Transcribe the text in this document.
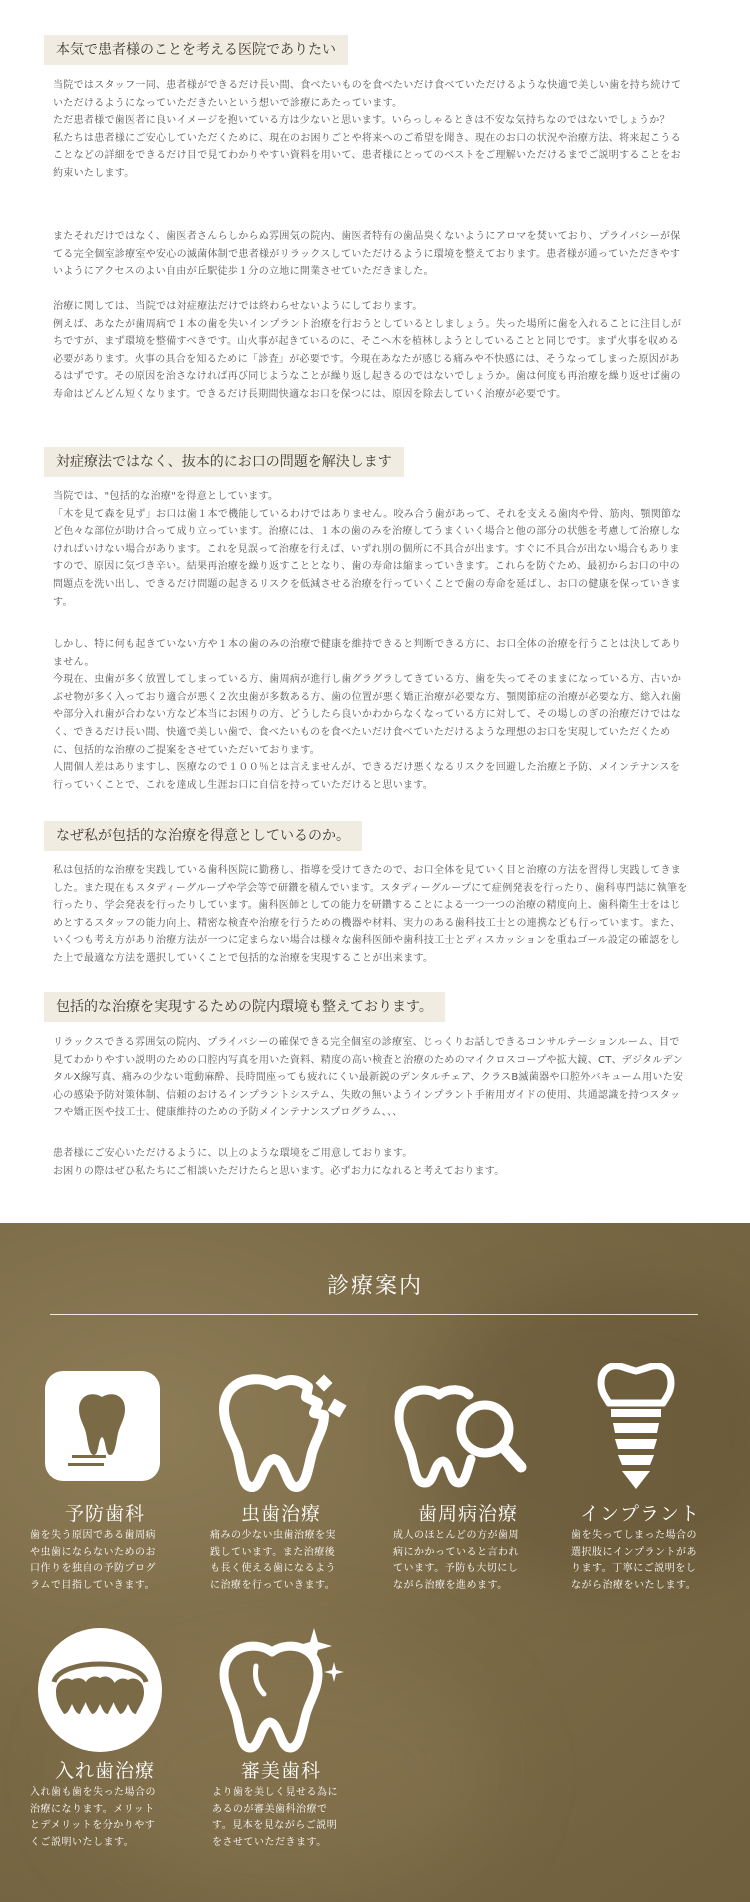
本気で患者様のことを考える医院でありたい
当院ではスタッフ一同、患者様ができるだけ長い間、食べたいものを食べたいだけ食べていただけるような快適で美しい歯を持ち続けていただけるようになっていただきたいという想いで診療にあたっています。
ただ患者様で歯医者に良いイメージを抱いている方は少ないと思います。いらっしゃるときは不安な気持ちなのではないでしょうか？
私たちは患者様にご安心していただくために、現在のお困りごとや将来へのご希望を聞き、現在のお口の状況や治療方法、将来起こうることなどの詳細をできるだけ目で見てわかりやすい資料を用いて、患者様にとってのベストをご理解いただけるまでご説明することをお約束いたします。
またそれだけではなく、歯医者さんらしからぬ雰囲気の院内、歯医者特有の歯品臭くないようにアロマを焚いており、プライバシーが保てる完全個室診療室や安心の滅菌体制で患者様がリラックスしていただけるように環境を整えております。患者様が通っていただきやすいようにアクセスのよい自由が丘駅徒歩１分の立地に開業させていただきました。
治療に関しては、当院では対症療法だけでは終わらせないようにしております。
例えば、あなたが歯周病で１本の歯を失いインプラント治療を行おうとしているとしましょう。失った場所に歯を入れることに注目しがちですが、まず環境を整備すべきです。山火事が起きているのに、そこへ木を植林しようとしていることと同じです。まず火事を収める必要があります。火事の具合を知るために「診査」が必要です。今現在あなたが感じる痛みや不快感には、そうなってしまった原因があるはずです。その原因を治さなければ再び同じようなことが繰り返し起きるのではないでしょうか。歯は何度も再治療を繰り返せば歯の寿命はどんどん短くなります。できるだけ長期間快適なお口を保つには、原因を除去していく治療が必要です。
対症療法ではなく、抜本的にお口の問題を解決します
当院では、"包括的な治療"を得意としています。
「木を見て森を見ず」お口は歯１本で機能しているわけではありません。咬み合う歯があって、それを支える歯肉や骨、筋肉、顎関節など色々な部位が助け合って成り立っています。治療には、１本の歯のみを治療してうまくいく場合と他の部分の状態を考慮して治療しなければいけない場合があります。これを見誤って治療を行えば、いずれ別の個所に不具合が出ます。すぐに不具合が出ない場合もありますので、原因に気づき辛い。結果再治療を繰り返すこととなり、歯の寿命は縮まっていきます。これらを防ぐため、最初からお口の中の問題点を洗い出し、できるだけ問題の起きるリスクを低減させる治療を行っていくことで歯の寿命を延ばし、お口の健康を保っていきます。
しかし、特に何も起きていない方や１本の歯のみの治療で健康を維持できると判断できる方に、お口全体の治療を行うことは決してありません。
今現在、虫歯が多く放置してしまっている方、歯周病が進行し歯グラグラしてきている方、歯を失ってそのままになっている方、古いかぶせ物が多く入っており適合が悪く２次虫歯が多数ある方、歯の位置が悪く矯正治療が必要な方、顎関節症の治療が必要な方、総入れ歯や部分入れ歯が合わない方など本当にお困りの方、どうしたら良いかわからなくなっている方に対して、その場しのぎの治療だけではなく、できるだけ長い間、快適で美しい歯で、食べたいものを食べたいだけ食べていただけるような理想のお口を実現していただくために、包括的な治療のご提案をさせていただいております。
人間個人差はありますし、医療なので１００％とは言えませんが、できるだけ悪くなるリスクを回避した治療と予防、メインテナンスを行っていくことで、これを達成し生涯お口に自信を持っていただけると思います。
なぜ私が包括的な治療を得意としているのか。
私は包括的な治療を実践している歯科医院に勤務し、指導を受けてきたので、お口全体を見ていく目と治療の方法を習得し実践してきました。また現在もスタディーグループや学会等で研鑽を積んでいます。スタディーグループにて症例発表を行ったり、歯科専門誌に執筆を行ったり、学会発表を行ったりしています。歯科医師としての能力を研鑽することによる一つ一つの治療の精度向上、歯科衛生士をはじめとするスタッフの能力向上、精密な検査や治療を行うための機器や材料、実力のある歯科技工士との連携なども行っています。また、いくつも考え方があり治療方法が一つに定まらない場合は様々な歯科医師や歯科技工士とディスカッションを重ねゴール設定の確認をした上で最適な方法を選択していくことで包括的な治療を実現することが出来ます。
包括的な治療を実現するための院内環境も整えております。
リラックスできる雰囲気の院内、プライバシーの確保できる完全個室の診療室、じっくりお話しできるコンサルテーションルーム、目で見てわかりやすい説明のための口腔内写真を用いた資料、精度の高い検査と治療のためのマイクロスコープや拡大鏡、CT、デジタルデンタルX線写真、痛みの少ない電動麻酔、長時間座っても疲れにくい最新鋭のデンタルチェア、クラスB滅菌器や口腔外バキューム用いた安心の感染予防対策体制、信頼のおけるインプラントシステム、失敗の無いようインプラント手術用ガイドの使用、共通認識を持つスタッフや矯正医や技工士、健康維持のための予防メインテナンスプログラム、、、
患者様にご安心いただけるように、以上のような環境をご用意しております。
お困りの際はぜひ私たちにご相談いただけたらと思います。必ずお力になれると考えております。
診療案内
予防歯科
歯を失う原因である歯周病や虫歯にならないためのお口作りを独自の予防プログラムで目指していきます。
虫歯治療
痛みの少ない虫歯治療を実践しています。また治療後も長く使える歯になるように治療を行っていきます。
歯周病治療
成人のほとんどの方が歯周病にかかっていると言われています。予防も大切にしながら治療を進めます。
インプラント
歯を失ってしまった場合の選択肢にインプラントがあります。丁寧にご説明をしながら治療をいたします。
入れ歯治療
入れ歯も歯を失った場合の治療になります。メリットとデメリットを分かりやすくご説明いたします。
審美歯科
より歯を美しく見せる為にあるのが審美歯科治療です。見本を見ながらご説明をさせていただきます。
